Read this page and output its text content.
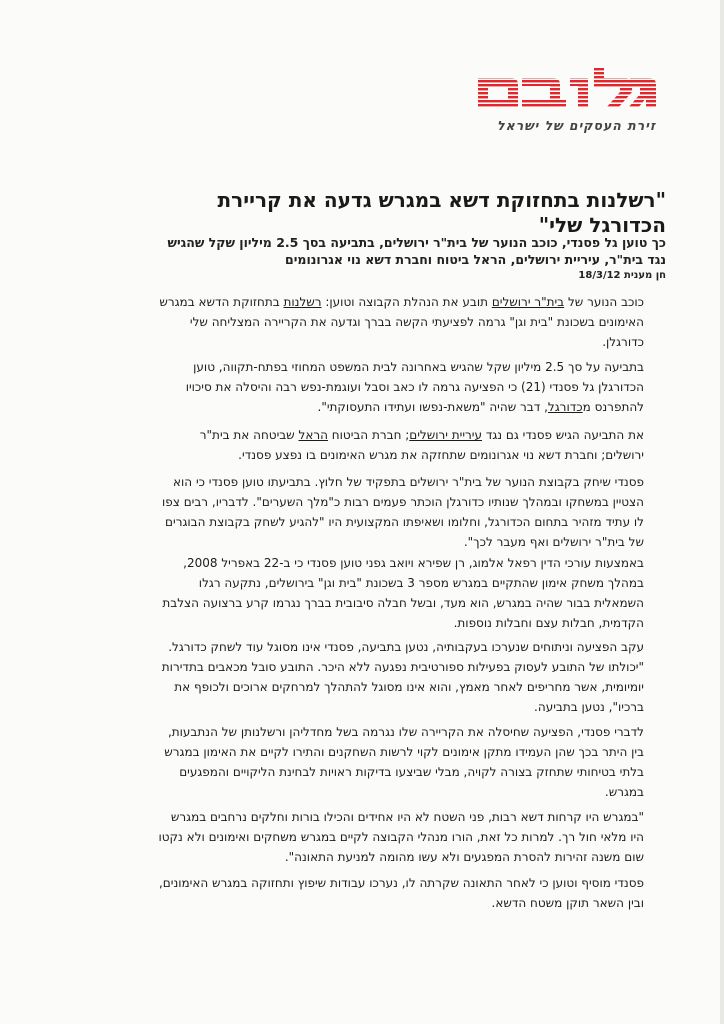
זירת העסקים של ישראל
"רשלנות בתחזוקת דשא במגרש גדעה את קריירת הכדורגל שלי"
כך טוען גל פסנדי, כוכב הנוער של בית"ר ירושלים, בתביעה בסך 2.5 מיליון שקל שהגיש נגד בית"ר, עיריית ירושלים, הראל ביטוח וחברת דשא נוי אגרונומים
חן מענית 18/3/12
כוכב הנוער של בית"ר ירושלים תובע את הנהלת הקבוצה וטוען: רשלנות בתחזוקת הדשא במגרש האימונים בשכונת "בית וגן" גרמה לפציעתי הקשה בברך וגדעה את הקריירה המצליחה שלי כדורגלן.
בתביעה על סך 2.5 מיליון שקל שהגיש באחרונה לבית המשפט המחוזי בפתח-תקווה, טוען הכדורגלן גל פסנדי (21) כי הפציעה גרמה לו כאב וסבל ועוגמת-נפש רבה והיסלה את סיכויו להתפרנס מכדורגל, דבר שהיה "משאת-נפשו ועתידו התעסוקתי".
את התביעה הגיש פסנדי גם נגד עיריית ירושלים; חברת הביטוח הראל שביטחה את בית"ר ירושלים; וחברת דשא נוי אגרונומים שתחזקה את מגרש האימונים בו נפצע פסנדי.
פסנדי שיחק בקבוצת הנוער של בית"ר ירושלים בתפקיד של חלוץ. בתביעתו טוען פסנדי כי הוא הצטיין במשחקו ובמהלך שנותיו כדורגלן הוכתר פעמים רבות כ"מלך השערים". לדבריו, רבים צפו לו עתיד מזהיר בתחום הכדורגל, וחלומו ושאיפתו המקצועית היו "להגיע לשחק בקבוצת הבוגרים של בית"ר ירושלים ואף מעבר לכך".
באמצעות עורכי הדין רפאל אלמוג, רן שפירא ויואב גפני טוען פסנדי כי ב-22 באפריל 2008, במהלך משחק אימון שהתקיים במגרש מספר 3 בשכונת "בית וגן" בירושלים, נתקעה רגלו השמאלית בבור שהיה במגרש, הוא מעד, ובשל חבלה סיבובית בברך נגרמו קרע ברצועה הצלבת הקדמית, חבלות עצם וחבלות נוספות.
עקב הפציעה וניתוחים שנערכו בעקבותיה, נטען בתביעה, פסנדי אינו מסוגל עוד לשחק כדורגל. "יכולתו של התובע לעסוק בפעילות ספורטיבית נפגעה ללא היכר. התובע סובל מכאבים בתדירות יומיומית, אשר מחריפים לאחר מאמץ, והוא אינו מסוגל להתהלך למרחקים ארוכים ולכופף את ברכיו", נטען בתביעה.
לדברי פסנדי, הפציעה שחיסלה את הקריירה שלו נגרמה בשל מחדליהן ורשלנותן של הנתבעות, בין היתר בכך שהן העמידו מתקן אימונים לקוי לרשות השחקנים והתירו לקיים את האימון במגרש בלתי בטיחותי שתחזק בצורה לקויה, מבלי שביצעו בדיקות ראויות לבחינת הליקויים והמפגעים במגרש.
"במגרש היו קרחות דשא רבות, פני השטח לא היו אחידים והכילו בורות וחלקים נרחבים במגרש היו מלאי חול רך. למרות כל זאת, הורו מנהלי הקבוצה לקיים במגרש משחקים ואימונים ולא נקטו שום משנה זהירות להסרת המפגעים ולא עשו מהומה למניעת התאונה".
פסנדי מוסיף וטוען כי לאחר התאונה שקרתה לו, נערכו עבודות שיפוץ ותחזוקה במגרש האימונים, ובין השאר תוקן משטח הדשא.
